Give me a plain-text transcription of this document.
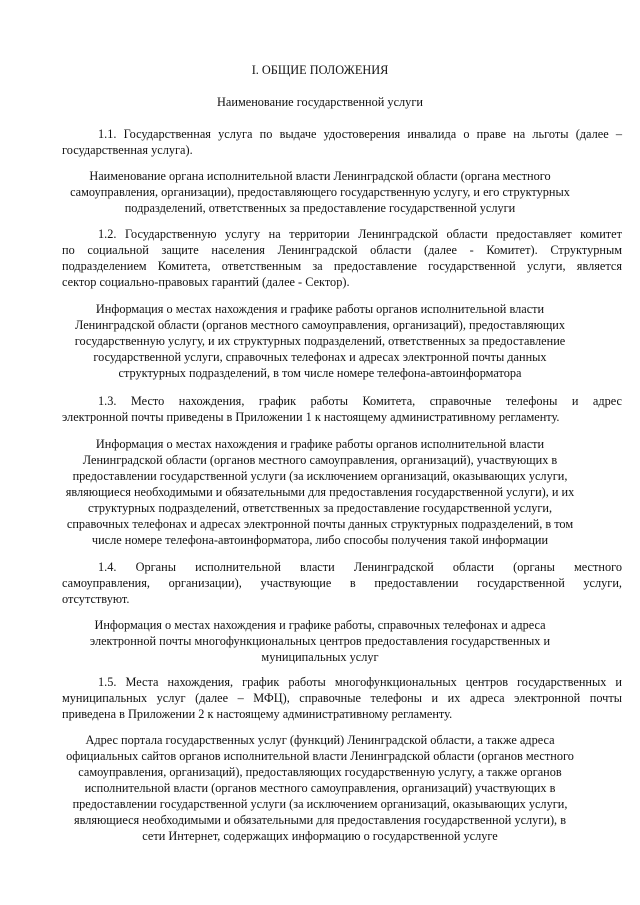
I. ОБЩИЕ ПОЛОЖЕНИЯ
Наименование государственной услуги
1.1. Государственная услуга по выдаче удостоверения инвалида о праве на льготы (далее –
государственная услуга).
Наименование органа исполнительной власти Ленинградской области (органа местного
самоуправления, организации), предоставляющего государственную услугу, и его структурных
подразделений, ответственных за предоставление государственной услуги
1.2. Государственную услугу на территории Ленинградской области предоставляет комитет
по социальной защите населения Ленинградской области (далее - Комитет). Структурным
подразделением Комитета, ответственным за предоставление государственной услуги, является
сектор социально-правовых гарантий (далее - Сектор).
Информация о местах нахождения и графике работы органов исполнительной власти
Ленинградской области (органов местного самоуправления, организаций), предоставляющих
государственную услугу, и их структурных подразделений, ответственных за предоставление
государственной услуги, справочных телефонах и адресах электронной почты данных
структурных подразделений, в том числе номере телефона-автоинформатора
1.3. Место нахождения, график работы Комитета, справочные телефоны и адрес
электронной почты приведены в Приложении 1 к настоящему административному регламенту.
Информация о местах нахождения и графике работы органов исполнительной власти
Ленинградской области (органов местного самоуправления, организаций), участвующих в
предоставлении государственной услуги (за исключением организаций, оказывающих услуги,
являющиеся необходимыми и обязательными для предоставления государственной услуги), и их
структурных подразделений, ответственных за предоставление государственной услуги,
справочных телефонах и адресах электронной почты данных структурных подразделений, в том
числе номере телефона-автоинформатора, либо способы получения такой информации
1.4. Органы исполнительной власти Ленинградской области (органы местного
самоуправления, организации), участвующие в предоставлении государственной услуги,
отсутствуют.
Информация о местах нахождения и графике работы, справочных телефонах и адреса
электронной почты многофункциональных центров предоставления государственных и
муниципальных услуг
1.5. Места нахождения, график работы многофункциональных центров государственных и
муниципальных услуг (далее – МФЦ), справочные телефоны и их адреса электронной почты
приведена в Приложении 2 к настоящему административному регламенту.
Адрес портала государственных услуг (функций) Ленинградской области, а также адреса
официальных сайтов органов исполнительной власти Ленинградской области (органов местного
самоуправления, организаций), предоставляющих государственную услугу, а также органов
исполнительной власти (органов местного самоуправления, организаций) участвующих в
предоставлении государственной услуги (за исключением организаций, оказывающих услуги,
являющиеся необходимыми и обязательными для предоставления государственной услуги), в
сети Интернет, содержащих информацию о государственной услуге
